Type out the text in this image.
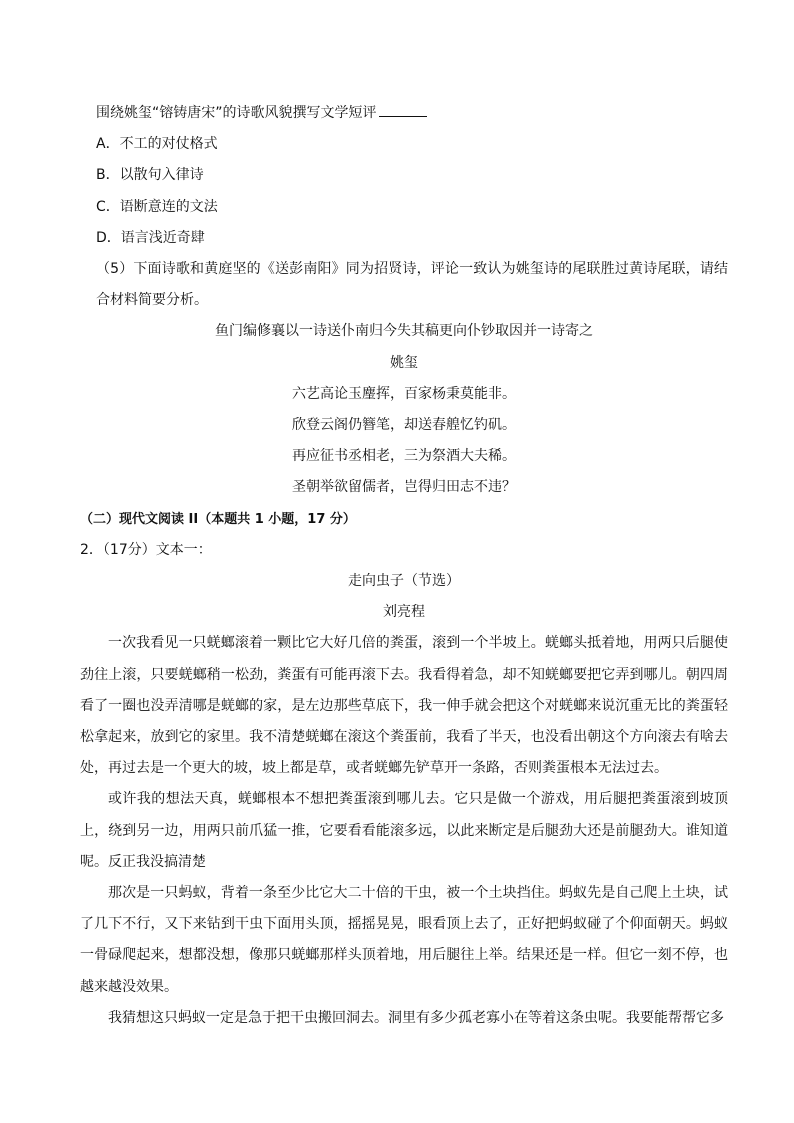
围绕姚玺“镕铸唐宋”的诗歌风貌撰写文学短评
A．不工的对仗格式
B．以散句入律诗
C．语断意连的文法
D．语言浅近奇肆
（5）下面诗歌和黄庭坚的《送彭南阳》同为招贤诗，评论一致认为姚玺诗的尾联胜过黄诗尾联，请结合材料简要分析。
鱼门编修襄以一诗送仆南归今失其稿更向仆钞取因并一诗寄之
姚玺
六艺高论玉麈挥，百家杨秉莫能非。
欣登云阁仍簪笔，却送春艎忆钓矶。
再应征书丞相老，三为祭酒大夫稀。
圣朝举欲留儒者，岂得归田志不违？
（二）现代文阅读 II（本题共 1 小题，17 分）
2．（17分）文本一：
走向虫子（节选）
刘亮程
一次我看见一只蜣螂滚着一颗比它大好几倍的粪蛋，滚到一个半坡上。蜣螂头抵着地，用两只后腿使劲往上滚，只要蜣螂稍一松劲，粪蛋有可能再滚下去。我看得着急，却不知蜣螂要把它弄到哪儿。朝四周看了一圈也没弄清哪是蜣螂的家，是左边那些草底下，我一伸手就会把这个对蜣螂来说沉重无比的粪蛋轻松拿起来，放到它的家里。我不清楚蜣螂在滚这个粪蛋前，我看了半天，也没看出朝这个方向滚去有啥去处，再过去是一个更大的坡，坡上都是草，或者蜣螂先铲草开一条路，否则粪蛋根本无法过去。
或许我的想法天真，蜣螂根本不想把粪蛋滚到哪儿去。它只是做一个游戏，用后腿把粪蛋滚到坡顶上，绕到另一边，用两只前爪猛一推，它要看看能滚多远，以此来断定是后腿劲大还是前腿劲大。谁知道呢。反正我没搞清楚
那次是一只蚂蚁，背着一条至少比它大二十倍的干虫，被一个土块挡住。蚂蚁先是自己爬上土块，试了几下不行，又下来钻到干虫下面用头顶，摇摇晃晃，眼看顶上去了，正好把蚂蚁碰了个仰面朝天。蚂蚁一骨碌爬起来，想都没想，像那只蜣螂那样头顶着地，用后腿往上举。结果还是一样。但它一刻不停，也越来越没效果。
我猜想这只蚂蚁一定是急于把干虫搬回洞去。洞里有多少孤老寡小在等着这条虫呢。我要能帮帮它多
